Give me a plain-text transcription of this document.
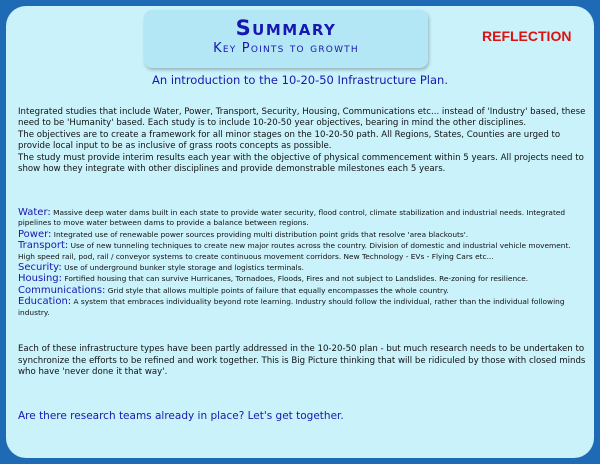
Summary
Key Points to growth
REFLECTION
An introduction to the 10-20-50 Infrastructure Plan.

Integrated studies that include Water, Power, Transport, Security, Housing, Communications etc... instead of 'Industry' based, these need to be 'Humanity' based. Each study is to include 10-20-50 year objectives, bearing in mind the other disciplines.

The objectives are to create a framework for all minor stages on the 10-20-50 path. All Regions, States, Counties are urged to provide local input to be as inclusive of grass roots concepts as possible.

The study must provide interim results each year with the objective of physical commencement within 5 years. All projects need to show how they integrate with other disciplines and provide demonstrable milestones each 5 years.

Water: Massive deep water dams built in each state to provide water security, flood control, climate stabilization and industrial needs. Integrated pipelines to move water between dams to provide a balance between regions.
Power: Integrated use of renewable power sources providing multi distribution point grids that resolve 'area blackouts'.
Transport: Use of new tunneling techniques to create new major routes across the country. Division of domestic and industrial vehicle movement. High speed rail, pod, rail / conveyor systems to create continuous movement corridors. New Technology - EVs - Flying Cars etc...
Security: Use of underground bunker style storage and logistics terminals.
Housing: Fortified housing that can survive Hurricanes, Tornadoes, Floods, Fires and not subject to Landslides. Re-zoning for resilience.
Communications: Grid style that allows multiple points of failure that equally encompasses the whole country.
Education: A system that embraces individuality beyond rote learning. Industry should follow the individual, rather than the individual following industry.
Each of these infrastructure types have been partly addressed in the 10-20-50 plan - but much research needs to be undertaken to synchronize the efforts to be refined and work together. This is Big Picture thinking that will be ridiculed by those with closed minds who have 'never done it that way'.
Are there research teams already in place? Let's get together.
